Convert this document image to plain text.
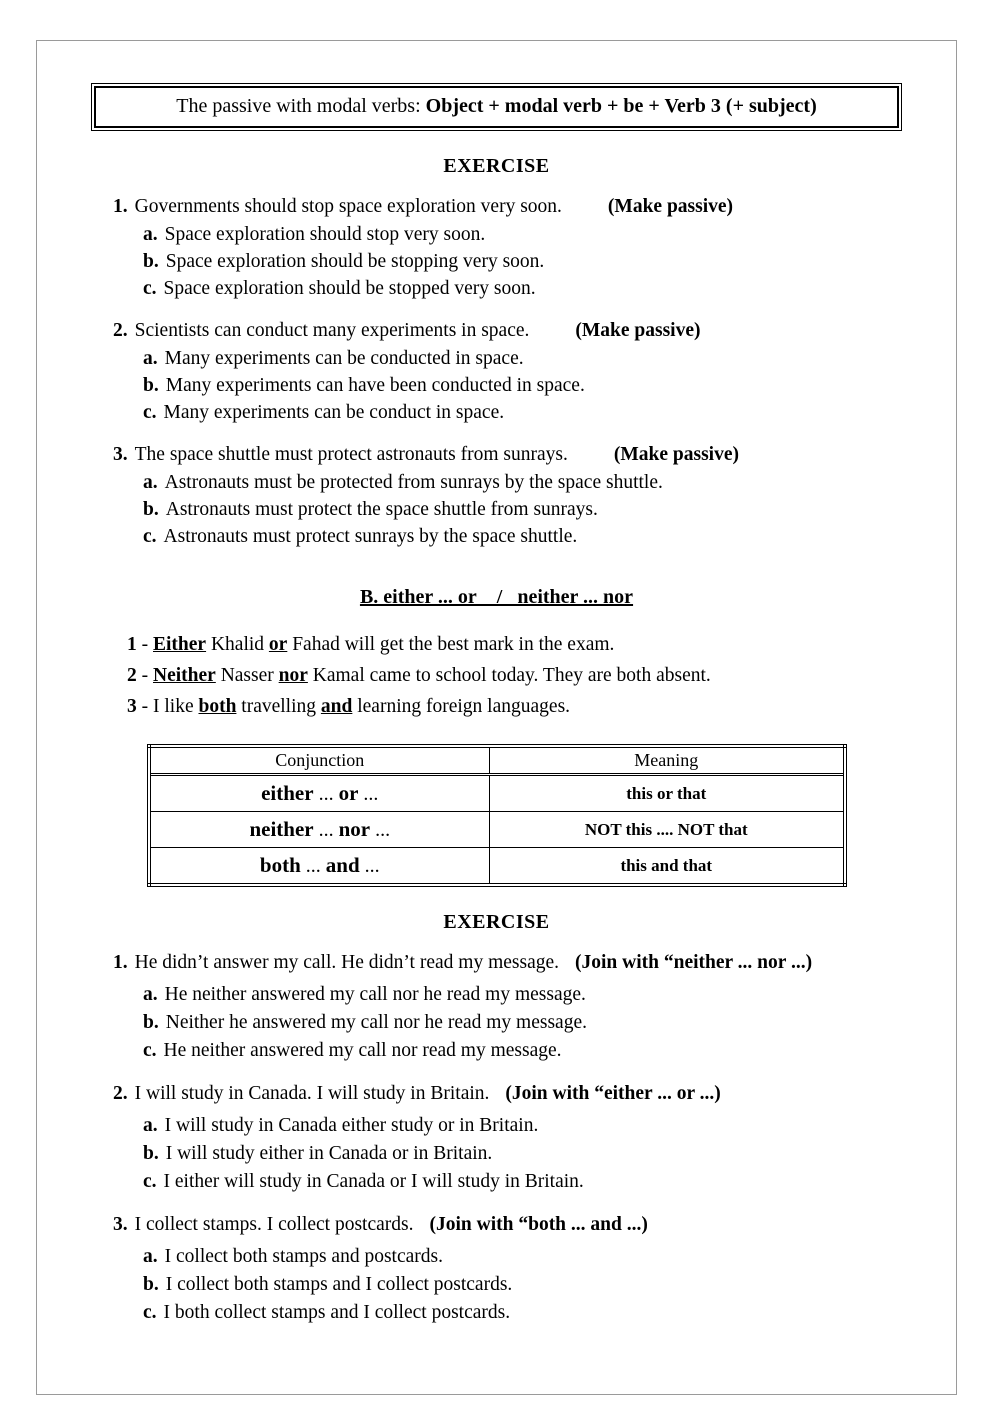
The passive with modal verbs: Object + modal verb + be + Verb 3 (+ subject)
EXERCISE
1. Governments should stop space exploration very soon. (Make passive)
a. Space exploration should stop very soon.
b. Space exploration should be stopping very soon.
c. Space exploration should be stopped very soon.
2. Scientists can conduct many experiments in space. (Make passive)
a. Many experiments can be conducted in space.
b. Many experiments can have been conducted in space.
c. Many experiments can be conduct in space.
3. The space shuttle must protect astronauts from sunrays. (Make passive)
a. Astronauts must be protected from sunrays by the space shuttle.
b. Astronauts must protect the space shuttle from sunrays.
c. Astronauts must protect sunrays by the space shuttle.
B. either ... or    /   neither ... nor
1 - Either Khalid or Fahad will get the best mark in the exam.
2 - Neither Nasser nor Kamal came to school today. They are both absent.
3 - I like both travelling and learning foreign languages.
Conjunction	Meaning
either ... or ...	this or that
neither ... nor ...	NOT this .... NOT that
both ... and ...	this and that
EXERCISE
1. He didn’t answer my call. He didn’t read my message. (Join with “neither ... nor ...)
a. He neither answered my call nor he read my message.
b. Neither he answered my call nor he read my message.
c. He neither answered my call nor read my message.
2. I will study in Canada. I will study in Britain. (Join with “either ... or ...)
a. I will study in Canada either study or in Britain.
b. I will study either in Canada or in Britain.
c. I either will study in Canada or I will study in Britain.
3. I collect stamps. I collect postcards. (Join with “both ... and ...)
a. I collect both stamps and postcards.
b. I collect both stamps and I collect postcards.
c. I both collect stamps and I collect postcards.
